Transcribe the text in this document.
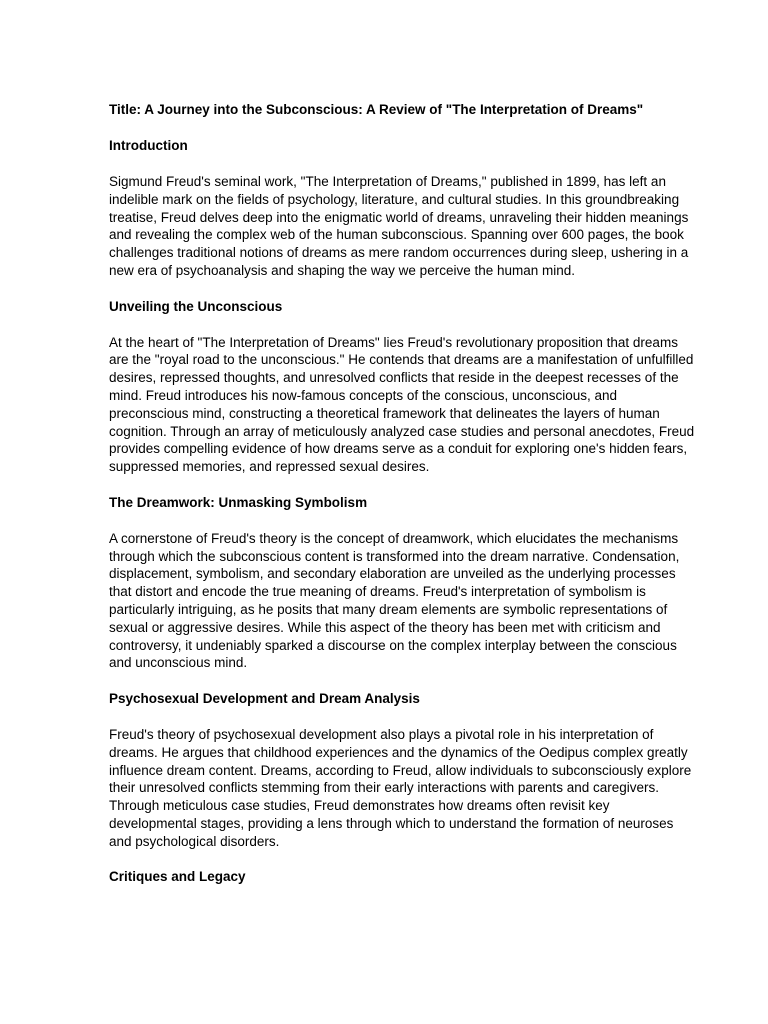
Title: A Journey into the Subconscious: A Review of "The Interpretation of Dreams"
Introduction
Sigmund Freud's seminal work, "The Interpretation of Dreams," published in 1899, has left an indelible mark on the fields of psychology, literature, and cultural studies. In this groundbreaking treatise, Freud delves deep into the enigmatic world of dreams, unraveling their hidden meanings and revealing the complex web of the human subconscious. Spanning over 600 pages, the book challenges traditional notions of dreams as mere random occurrences during sleep, ushering in a new era of psychoanalysis and shaping the way we perceive the human mind.
Unveiling the Unconscious
At the heart of "The Interpretation of Dreams" lies Freud's revolutionary proposition that dreams are the "royal road to the unconscious." He contends that dreams are a manifestation of unfulfilled desires, repressed thoughts, and unresolved conflicts that reside in the deepest recesses of the mind. Freud introduces his now-famous concepts of the conscious, unconscious, and preconscious mind, constructing a theoretical framework that delineates the layers of human cognition. Through an array of meticulously analyzed case studies and personal anecdotes, Freud provides compelling evidence of how dreams serve as a conduit for exploring one's hidden fears, suppressed memories, and repressed sexual desires.
The Dreamwork: Unmasking Symbolism
A cornerstone of Freud's theory is the concept of dreamwork, which elucidates the mechanisms through which the subconscious content is transformed into the dream narrative. Condensation, displacement, symbolism, and secondary elaboration are unveiled as the underlying processes that distort and encode the true meaning of dreams. Freud's interpretation of symbolism is particularly intriguing, as he posits that many dream elements are symbolic representations of sexual or aggressive desires. While this aspect of the theory has been met with criticism and controversy, it undeniably sparked a discourse on the complex interplay between the conscious and unconscious mind.
Psychosexual Development and Dream Analysis
Freud's theory of psychosexual development also plays a pivotal role in his interpretation of dreams. He argues that childhood experiences and the dynamics of the Oedipus complex greatly influence dream content. Dreams, according to Freud, allow individuals to subconsciously explore their unresolved conflicts stemming from their early interactions with parents and caregivers. Through meticulous case studies, Freud demonstrates how dreams often revisit key developmental stages, providing a lens through which to understand the formation of neuroses and psychological disorders.
Critiques and Legacy
